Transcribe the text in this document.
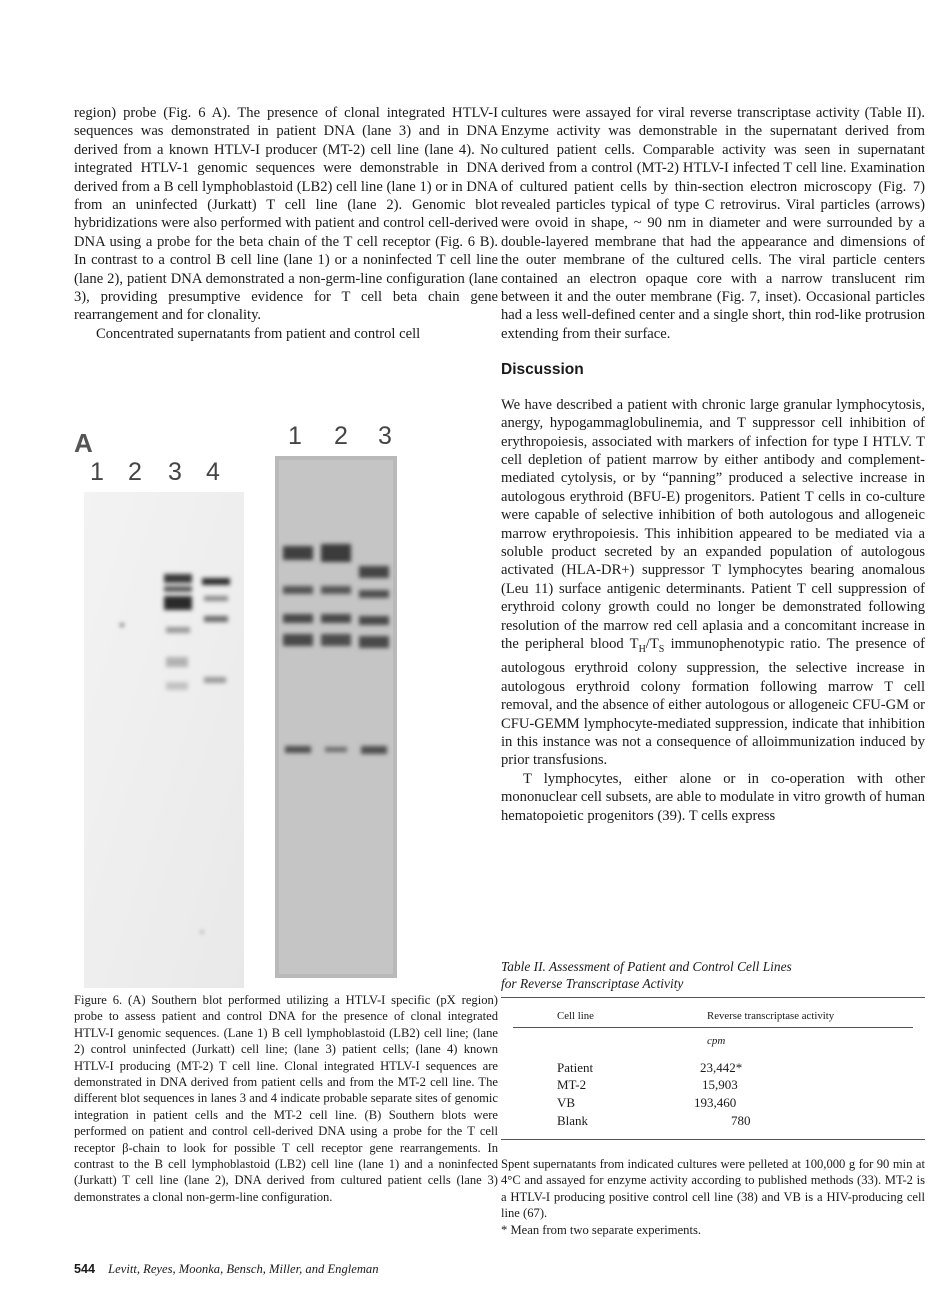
region) probe (Fig. 6 A). The presence of clonal integrated HTLV-I sequences was demonstrated in patient DNA (lane 3) and in DNA derived from a known HTLV-I producer (MT-2) cell line (lane 4). No integrated HTLV-1 genomic sequences were demonstrable in DNA derived from a B cell lymphoblastoid (LB2) cell line (lane 1) or in DNA from an uninfected (Jurkatt) T cell line (lane 2). Genomic blot hybridizations were also performed with patient and control cell-derived DNA using a probe for the beta chain of the T cell receptor (Fig. 6 B). In contrast to a control B cell line (lane 1) or a noninfected T cell line (lane 2), patient DNA demonstrated a non-germ-line configuration (lane 3), providing presumptive evidence for T cell beta chain gene rearrangement and for clonality.

Concentrated supernatants from patient and control cell

cultures were assayed for viral reverse transcriptase activity (Table II). Enzyme activity was demonstrable in the supernatant derived from cultured patient cells. Comparable activity was seen in supernatant derived from a control (MT-2) HTLV-I infected T cell line. Examination of cultured patient cells by thin-section electron microscopy (Fig. 7) revealed particles typical of type C retrovirus. Viral particles (arrows) were ovoid in shape, ~ 90 nm in diameter and were surrounded by a double-layered membrane that had the appearance and dimensions of the outer membrane of the cultured cells. The viral particle centers contained an electron opaque core with a narrow translucent rim between it and the outer membrane (Fig. 7, inset). Occasional particles had a less well-defined center and a single short, thin rod-like protrusion extending from their surface.

Discussion

We have described a patient with chronic large granular lymphocytosis, anergy, hypogammaglobulinemia, and T suppressor cell inhibition of erythropoiesis, associated with markers of infection for type I HTLV. T cell depletion of patient marrow by either antibody and complement-mediated cytolysis, or by “panning” produced a selective increase in autologous erythroid (BFU-E) progenitors. Patient T cells in co-culture were capable of selective inhibition of both autologous and allogeneic marrow erythropoiesis. This inhibition appeared to be mediated via a soluble product secreted by an expanded population of autologous activated (HLA-DR+) suppressor T lymphocytes bearing anomalous (Leu 11) surface antigenic determinants. Patient T cell suppression of erythroid colony growth could no longer be demonstrated following resolution of the marrow red cell aplasia and a concomitant increase in the peripheral blood $T_H/T_S$ immunophenotypic ratio. The presence of autologous erythroid colony suppression, the selective increase in autologous erythroid colony formation following marrow T cell removal, and the absence of either autologous or allogeneic CFU-GM or CFU-GEMM lymphocyte-mediated suppression, indicate that inhibition in this instance was not a consequence of alloimmunization induced by prior transfusions.

T lymphocytes, either alone or in co-operation with other mononuclear cell subsets, are able to modulate in vitro growth of human hematopoietic progenitors (39). T cells express

A
1 2 3 4
1 2 3

Figure 6. (A) Southern blot performed utilizing a HTLV-I specific (pX region) probe to assess patient and control DNA for the presence of clonal integrated HTLV-I genomic sequences. (Lane 1) B cell lymphoblastoid (LB2) cell line; (lane 2) control uninfected (Jurkatt) cell line; (lane 3) patient cells; (lane 4) known HTLV-I producing (MT-2) T cell line. Clonal integrated HTLV-I sequences are demonstrated in DNA derived from patient cells and from the MT-2 cell line. The different blot sequences in lanes 3 and 4 indicate probable separate sites of genomic integration in patient cells and the MT-2 cell line. (B) Southern blots were performed on patient and control cell-derived DNA using a probe for the T cell receptor β-chain to look for possible T cell receptor gene rearrangements. In contrast to the B cell lymphoblastoid (LB2) cell line (lane 1) and a noninfected (Jurkatt) T cell line (lane 2), DNA derived from cultured patient cells (lane 3) demonstrates a clonal non-germ-line configuration.

Table II. Assessment of Patient and Control Cell Lines
for Reverse Transcriptase Activity
Cell line	Reverse transcriptase activity
cpm
Patient	23,442*
MT-2	15,903
VB	193,460
Blank	780

Spent supernatants from indicated cultures were pelleted at 100,000 g for 90 min at 4°C and assayed for enzyme activity according to published methods (33). MT-2 is a HTLV-I producing positive control cell line (38) and VB is a HIV-producing cell line (67).

* Mean from two separate experiments.

544 Levitt, Reyes, Moonka, Bensch, Miller, and Engleman
